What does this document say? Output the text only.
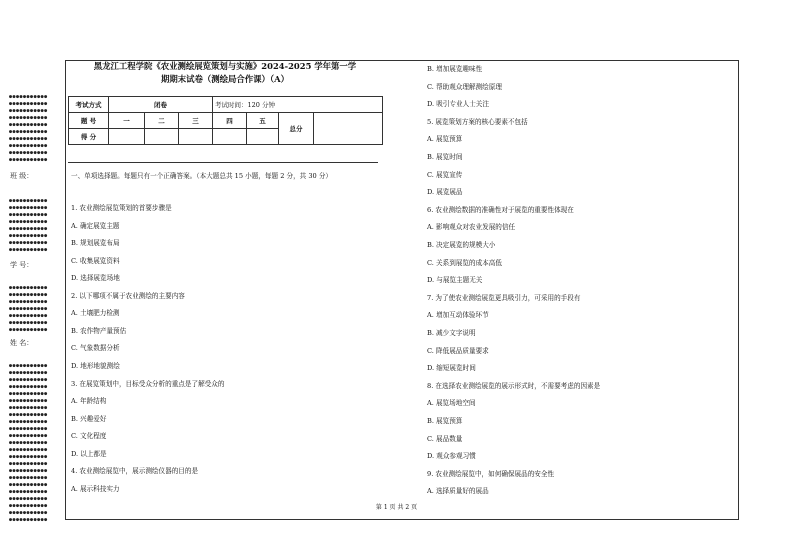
●●●●●●●●●●●
●●●●●●●●●●●
●●●●●●●●●●●
●●●●●●●●●●●
●●●●●●●●●●●
●●●●●●●●●●●
●●●●●●●●●●●
●●●●●●●●●●●
●●●●●●●●●●●
●●●●●●●●●●●
班 级：
●●●●●●●●●●●
●●●●●●●●●●●
●●●●●●●●●●●
●●●●●●●●●●●
●●●●●●●●●●●
●●●●●●●●●●●
●●●●●●●●●●●
●●●●●●●●●●●
学 号：
●●●●●●●●●●●
●●●●●●●●●●●
●●●●●●●●●●●
●●●●●●●●●●●
●●●●●●●●●●●
●●●●●●●●●●●
●●●●●●●●●●●
姓 名：
●●●●●●●●●●●
●●●●●●●●●●●
●●●●●●●●●●●
●●●●●●●●●●●
●●●●●●●●●●●
●●●●●●●●●●●
●●●●●●●●●●●
●●●●●●●●●●●
●●●●●●●●●●●
●●●●●●●●●●●
●●●●●●●●●●●
●●●●●●●●●●●
●●●●●●●●●●●
●●●●●●●●●●●
●●●●●●●●●●●
●●●●●●●●●●●
●●●●●●●●●●●
●●●●●●●●●●●
●●●●●●●●●●●
●●●●●●●●●●●
●●●●●●●●●●●
●●●●●●●●●●●
●●●●●●●●●●●
黑龙江工程学院《农业测绘展览策划与实施》2024-2025 学年第一学
期期末试卷（测绘局合作课）（A）
考试方式	闭卷			考试时间：120 分钟			
题 号	一	二	三	四	五	总分	
得 分							
一、单项选择题。每题只有一个正确答案。（本大题总共 15 小题，每题 2 分，共 30 分）
1. 农业测绘展览策划的首要步骤是
A. 确定展览主题
B. 规划展览布局
C. 收集展览资料
D. 选择展览场地
2. 以下哪项不属于农业测绘的主要内容
A. 土壤肥力检测
B. 农作物产量预估
C. 气象数据分析
D. 地形地貌测绘
3. 在展览策划中，目标受众分析的重点是了解受众的
A. 年龄结构
B. 兴趣爱好
C. 文化程度
D. 以上都是
4. 农业测绘展览中，展示测绘仪器的目的是
A. 展示科技实力
B. 增加展览趣味性
C. 帮助观众理解测绘原理
D. 吸引专业人士关注
5. 展览策划方案的核心要素不包括
A. 展览预算
B. 展览时间
C. 展览宣传
D. 展览展品
6. 农业测绘数据的准确性对于展览的重要性体现在
A. 影响观众对农业发展的信任
B. 决定展览的规模大小
C. 关系到展览的成本高低
D. 与展览主题无关
7. 为了使农业测绘展览更具吸引力，可采用的手段有
A. 增加互动体验环节
B. 减少文字说明
C. 降低展品质量要求
D. 缩短展览时间
8. 在选择农业测绘展览的展示形式时，不需要考虑的因素是
A. 展览场地空间
B. 展览预算
C. 展品数量
D. 观众参观习惯
9. 农业测绘展览中，如何确保展品的安全性
A. 选择质量好的展品
第 1 页 共 2 页
